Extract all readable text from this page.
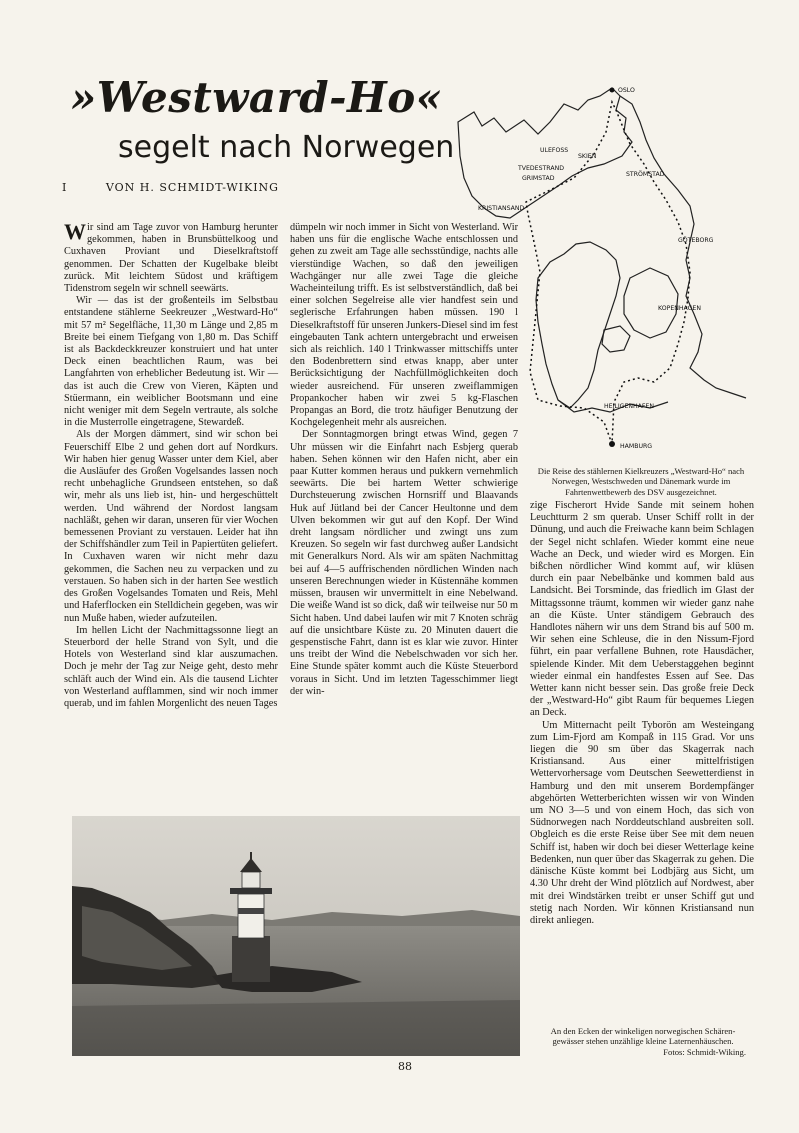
»Westward-Ho«
segelt nach Norwegen
I	VON H. SCHMIDT-WIKING
OSLO
ULEFOSS
SKIEN
STRÖMSTAD
TVEDESTRAND
GRIMSTAD
KRISTIANSAND
GÖTEBORG
KOPENHAGEN
HEILIGENHAFEN
HAMBURG
Die Reise des stählernen Kielkreuzers „Westward-Ho“ nach Norwegen, Westschweden und Dänemark wurde im Fahrtenwettbewerb des DSV ausgezeichnet.

Wir sind am Tage zuvor von Hamburg herunter gekommen, haben in Brunsbüttelkoog und Cuxhaven Proviant und Dieselkraftstoff genommen. Der Schatten der Kugelbake bleibt zurück. Mit leichtem Südost und kräftigem Tidenstrom segeln wir schnell seewärts.

Wir — das ist der großenteils im Selbstbau entstandene stählerne Seekreuzer „Westward-Ho“ mit 57 m² Segelfläche, 11,30 m Länge und 2,85 m Breite bei einem Tiefgang von 1,80 m. Das Schiff ist als Backdeckkreuzer konstruiert und hat unter Deck einen beachtlichen Raum, was bei Langfahrten von erheblicher Bedeutung ist. Wir — das ist auch die Crew von Vieren, Käpten und Stüermann, ein weiblicher Bootsmann und eine nicht weniger mit dem Segeln vertraute, als solche in die Musterrolle eingetragene, Stewardeß.

Als der Morgen dämmert, sind wir schon bei Feuerschiff Elbe 2 und gehen dort auf Nordkurs. Wir haben hier genug Wasser unter dem Kiel, aber die Ausläufer des Großen Vogelsandes lassen noch recht unbehagliche Grundseen entstehen, so daß wir, mehr als uns lieb ist, hin- und hergeschüttelt werden. Und während der Nordost langsam nachläßt, gehen wir daran, unseren für vier Wochen bemessenen Proviant zu verstauen. Leider hat ihn der Schiffshändler zum Teil in Papiertüten geliefert. In Cuxhaven waren wir nicht mehr dazu gekommen, die Sachen neu zu verpacken und zu verstauen. So haben sich in der harten See westlich des Großen Vogelsandes Tomaten und Reis, Mehl und Haferflocken ein Stelldichein gegeben, was wir nun Muße haben, wieder aufzuteilen.

Im hellen Licht der Nachmittagssonne liegt an Steuerbord der helle Strand von Sylt, und die Hotels von Westerland sind klar auszumachen. Doch je mehr der Tag zur Neige geht, desto mehr schläft auch der Wind ein. Als die tausend Lichter von Westerland aufflammen, sind wir noch immer querab, und im fahlen Morgenlicht des neuen Tages

dümpeln wir noch immer in Sicht von Westerland. Wir haben uns für die englische Wache entschlossen und gehen zu zweit am Tage alle sechsstündige, nachts alle vierstündige Wachen, so daß den jeweiligen Wachgänger nur alle zwei Tage die gleiche Wacheinteilung trifft. Es ist selbstverständlich, daß bei einer solchen Segelreise alle vier handfest sein und seglerische Erfahrungen haben müssen. 190 l Dieselkraftstoff für unseren Junkers-Diesel sind im fest eingebauten Tank achtern untergebracht und erweisen sich als reichlich. 140 l Trinkwasser mittschiffs unter den Bodenbrettern sind etwas knapp, aber unter Berücksichtigung der Nachfüllmöglichkeiten doch wieder ausreichend. Für unseren zweiflammigen Propankocher haben wir zwei 5 kg-Flaschen Propangas an Bord, die trotz häufiger Benutzung der Kochgelegenheit mehr als ausreichen.

Der Sonntagmorgen bringt etwas Wind, gegen 7 Uhr müssen wir die Einfahrt nach Esbjerg querab haben. Sehen können wir den Hafen nicht, aber ein paar Kutter kommen heraus und pukkern vernehmlich seewärts. Die bei hartem Wetter schwierige Durchsteuerung zwischen Hornsriff und Blaavands Huk auf Jütland bei der Cancer Heultonne und dem Ulven bekommen wir gut auf den Kopf. Der Wind dreht langsam nördlicher und zwingt uns zum Kreuzen. So segeln wir fast durchweg außer Landsicht mit Generalkurs Nord. Als wir am späten Nachmittag bei auf 4—5 auffrischenden nördlichen Winden nach unseren Berechnungen wieder in Küstennähe kommen müssen, brausen wir unvermittelt in eine Nebelwand. Die weiße Wand ist so dick, daß wir teilweise nur 50 m Sicht haben. Und dabei laufen wir mit 7 Knoten schräg auf die unsichtbare Küste zu. 20 Minuten dauert die gespenstische Fahrt, dann ist es klar wie zuvor. Hinter uns treibt der Wind die Nebelschwaden vor sich her. Eine Stunde später kommt auch die Küste Steuerbord voraus in Sicht. Und im letzten Tagesschimmer liegt der win-

zige Fischerort Hvide Sande mit seinem hohen Leuchtturm 2 sm querab. Unser Schiff rollt in der Dünung, und auch die Freiwache kann beim Schlagen der Segel nicht schlafen. Wieder kommt eine neue Wache an Deck, und wieder wird es Morgen. Ein bißchen nördlicher Wind kommt auf, wir klüsen durch ein paar Nebelbänke und kommen bald aus Landsicht. Bei Torsminde, das friedlich im Glast der Mittagssonne träumt, kommen wir wieder ganz nahe an die Küste. Unter ständigem Gebrauch des Handlotes nähern wir uns dem Strand bis auf 500 m. Wir sehen eine Schleuse, die in den Nissum-Fjord führt, ein paar verfallene Buhnen, rote Hausdächer, spielende Kinder. Mit dem Ueberstaggehen beginnt wieder einmal ein handfestes Essen auf See. Das Wetter kann nicht besser sein. Das große freie Deck der „Westward-Ho“ gibt Raum für bequemes Liegen an Deck.

Um Mitternacht peilt Tyborön am Westeingang zum Lim-Fjord am Kompaß in 115 Grad. Vor uns liegen die 90 sm über das Skagerrak nach Kristiansand. Aus einer mittelfristigen Wettervorhersage vom Deutschen Seewetterdienst in Hamburg und den mit unserem Bordempfänger abgehörten Wetterberichten wissen wir von Winden um NO 3—5 und von einem Hoch, das sich von Südnorwegen nach Norddeutschland ausbreiten soll. Obgleich es die erste Reise über See mit dem neuen Schiff ist, haben wir doch bei dieser Wetterlage keine Bedenken, nun quer über das Skagerrak zu gehen. Die dänische Küste kommt bei Lodbjärg aus Sicht, um 4.30 Uhr dreht der Wind plötzlich auf Nordwest, aber mit drei Windstärken treibt er unser Schiff gut und stetig nach Norden. Wir können Kristiansand nun direkt anliegen.

An den Ecken der winkeligen norwegischen Schären-
gewässer stehen unzählige kleine Laternenhäuschen.
Fotos: Schmidt-Wiking.
88
